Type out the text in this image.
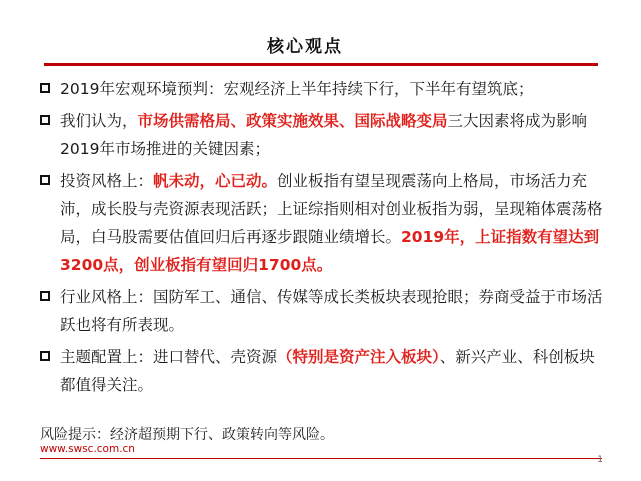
核心观点
2019年宏观环境预判：宏观经济上半年持续下行，下半年有望筑底；
我们认为，市场供需格局、政策实施效果、国际战略变局三大因素将成为影响2019年市场推进的关键因素；
投资风格上：帆未动，心已动。创业板指有望呈现震荡向上格局，市场活力充沛，成长股与壳资源表现活跃；上证综指则相对创业板指为弱，呈现箱体震荡格局，白马股需要估值回归后再逐步跟随业绩增长。2019年，上证指数有望达到3200点，创业板指有望回归1700点。
行业风格上：国防军工、通信、传媒等成长类板块表现抢眼；券商受益于市场活跃也将有所表现。
主题配置上：进口替代、壳资源（特别是资产注入板块）、新兴产业、科创板块都值得关注。
风险提示：经济超预期下行、政策转向等风险。
www.swsc.com.cn
1
